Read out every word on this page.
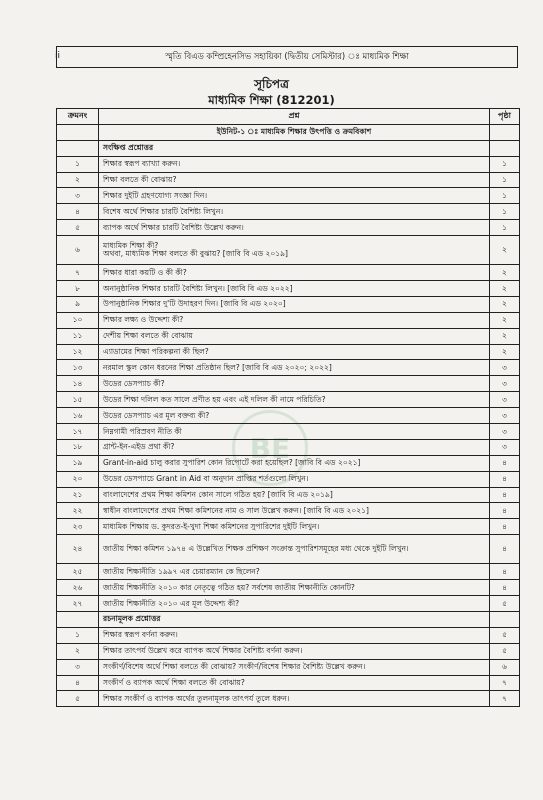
ii	স্মৃতি বিএড কম্প্রিহেনসিভ সহায়িকা (দ্বিতীয় সেমিস্টার) ঃ মাধ্যমিক শিক্ষা
সূচিপত্র
মাধ্যমিক শিক্ষা (812201)
BE
ক্রমনং	প্রশ্ন	পৃষ্ঠা
	ইউনিট-১ ঃ মাধ্যমিক শিক্ষার উৎপত্তি ও ক্রমবিকাশ	
	সংক্ষিপ্ত প্রশ্নোত্তর	
১	শিক্ষার স্বরূপ ব্যাখ্যা করুন।	১
২	শিক্ষা বলতে কী বোঝায়?	১
৩	শিক্ষার দুইটি গ্রহণযোগ্য সংজ্ঞা দিন।	১
৪	বিশেষ অর্থে শিক্ষার চারটি বৈশিষ্ট্য লিখুন।	১
৫	ব্যাপক অর্থে শিক্ষার চারটি বৈশিষ্ট্য উল্লেখ করুন।	১
৬	মাধ্যমিক শিক্ষা কী?
অথবা, মাধ্যমিক শিক্ষা বলতে কী বুঝায়? [জাবি বি এড ২০১৯]	২
৭	শিক্ষার ধারা কয়টি ও কী কী?	২
৮	অনানুষ্ঠানিক শিক্ষার চারটি বৈশিষ্ট্য লিখুন। [জাবি বি এড ২০২২]	২
৯	উপানুষ্ঠানিক শিক্ষার দু'টি উদাহরণ দিন। [জাবি বি এড ২০২০]	২
১০	শিক্ষার লক্ষ্য ও উদ্দেশ্য কী?	২
১১	দেশীয় শিক্ষা বলতে কী বোঝায়	২
১২	এ্যাডামের শিক্ষা পরিকল্পনা কী ছিল?	২
১৩	নরমাল স্কুল কোন ধরনের শিক্ষা প্রতিষ্ঠান ছিল? [জাবি বি এড ২০২০; ২০২২]	৩
১৪	উডের ডেসপ্যাচ কী?	৩
১৫	উডের শিক্ষা দলিল কত সালে প্রণীত হয় এবং এই দলিল কী নামে পরিচিতি?	৩
১৬	উডের ডেসপ্যাচ এর মূল বক্তব্য কী?	৩
১৭	নিম্নগামী পরিস্রবণ নীতি কী	৩
১৮	গ্রান্ট-ইন-এইড প্রথা কী?	৩
১৯	Grant-in-aid চালু করার সুপারিশ কোন রিপোর্টে করা হয়েছিল? [জাবি বি এড ২০২১]	৪
২০	উডের ডেসপ্যাচে Grant in Aid বা অনুদান প্রাপ্তির শর্তগুলো লিখুন।	৪
২১	বাংলাদেশের প্রথম শিক্ষা কমিশন কোন সালে গঠিত হয়? [জাবি বি এড ২০১৯]	৪
২২	স্বাধীন বাংলাদেশের প্রথম শিক্ষা কমিশনের নাম ও সাল উল্লেখ করুন। [জাবি বি এড ২০২১]	৪
২৩	মাধ্যমিক শিক্ষায় ড. কুদরত-ই-খুদা শিক্ষা কমিশনের সুপারিশের দুইটি লিখুন।	৪
২৪	জাতীয় শিক্ষা কমিশন ১৯৭৪ এ উল্লেখিত শিক্ষক প্রশিক্ষণ সংক্রান্ত সুপারিশসমূহের মধ্য থেকে দুইটি লিখুন।	৪
২৫	জাতীয় শিক্ষানীতি ১৯৯৭ এর চেয়ারম্যান কে ছিলেন?	৪
২৬	জাতীয় শিক্ষানীতি ২০১০ কার নেতৃত্বে গঠিত হয়? সর্বশেষ জাতীয় শিক্ষানীতি কোনটি?	৪
২৭	জাতীয় শিক্ষানীতি ২০১০ এর মূল উদ্দেশ্য কী?	৫
	রচনামূলক প্রশ্নোত্তর	
১	শিক্ষার স্বরূপ বর্ণনা করুন।	৫
২	শিক্ষার তাৎপর্য উল্লেখ করে ব্যাপক অর্থে শিক্ষার বৈশিষ্ট্য বর্ণনা করুন।	৫
৩	সংকীর্ণ/বিশেষ অর্থে শিক্ষা বলতে কী বোঝায়? সংকীর্ণ/বিশেষ শিক্ষার বৈশিষ্ট্য উল্লেখ করুন।	৬
৪	সংকীর্ণ ও ব্যাপক অর্থে শিক্ষা বলতে কী বোঝায়?	৭
৫	শিক্ষার সংকীর্ণ ও ব্যাপক অর্থের তুলনামূলক তাৎপর্য তুলে ধরুন।	৭
